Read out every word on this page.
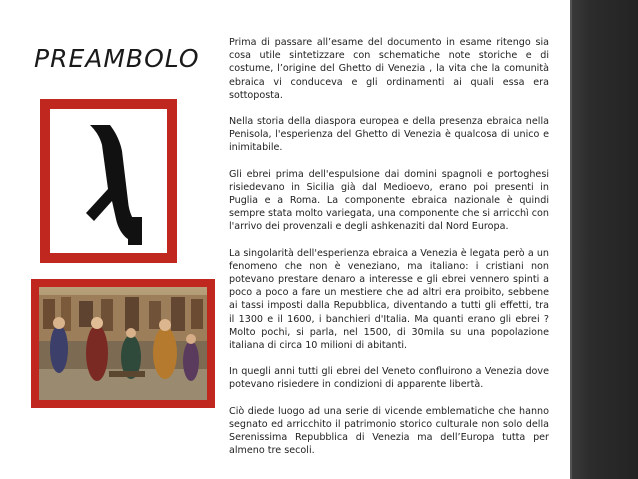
PREAMBOLO

Prima di passare all’esame del documento in esame ritengo sia cosa utile sintetizzare con schematiche note storiche e di costume, l’origine del Ghetto di Venezia , la vita che la comunità ebraica vi conduceva e gli ordinamenti ai quali essa era sottoposta.

Nella storia della diaspora europea e della presenza ebraica nella Penisola, l'esperienza del Ghetto di Venezia è qualcosa di unico e inimitabile.

Gli ebrei prima dell'espulsione dai domini spagnoli e portoghesi risiedevano in Sicilia già dal Medioevo, erano poi presenti in Puglia e a Roma. La componente ebraica nazionale è quindi sempre stata molto variegata, una componente che si arricchì con l'arrivo dei provenzali e degli ashkenaziti dal Nord Europa.

La singolarità dell'esperienza ebraica a Venezia è legata però a un fenomeno che non è veneziano, ma italiano: i cristiani non potevano prestare denaro a interesse e gli ebrei vennero spinti a poco a poco a fare un mestiere che ad altri era proibito, sebbene ai tassi imposti dalla Repubblica, diventando a tutti gli effetti, tra il 1300 e il 1600, i banchieri d'Italia. Ma quanti erano gli ebrei ? Molto pochi, si parla, nel 1500, di 30mila su una popolazione italiana di circa 10 milioni di abitanti.

In quegli anni tutti gli ebrei del Veneto confluirono a Venezia dove potevano risiedere in condizioni di apparente libertà.

Ciò diede luogo ad una serie di vicende emblematiche che hanno segnato ed arricchito il patrimonio storico culturale non solo della Serenissima Repubblica di Venezia ma dell’Europa tutta per almeno tre secoli.
